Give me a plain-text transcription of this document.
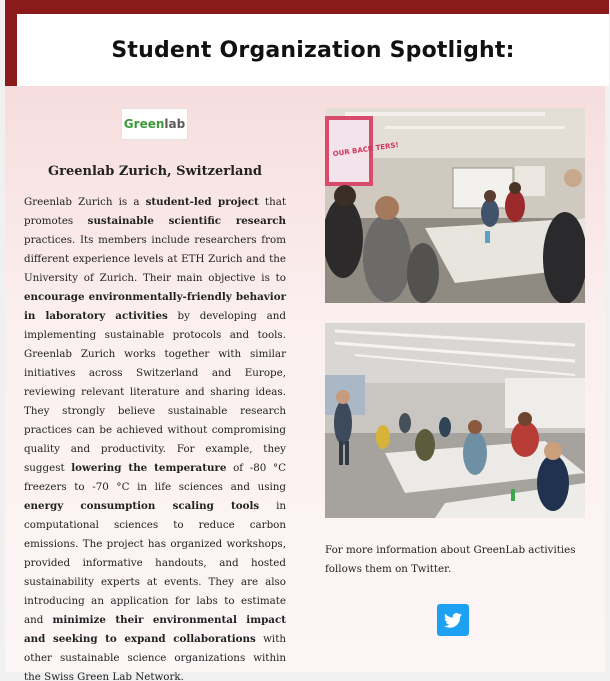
Student Organization Spotlight:
Green lab
Greenlab Zurich, Switzerland
Greenlab Zurich is a student-led project that promotes sustainable scientific research practices. Its members include researchers from different experience levels at ETH Zurich and the University of Zurich. Their main objective is to encourage environmentally-friendly behavior in laboratory activities by developing and implementing sustainable protocols and tools. Greenlab Zurich works together with similar initiatives across Switzerland and Europe, reviewing relevant literature and sharing ideas. They strongly believe sustainable research practices can be achieved without compromising quality and productivity. For example, they suggest lowering the temperature of -80 °C freezers to -70 °C in life sciences and using energy consumption scaling tools in computational sciences to reduce carbon emissions. The project has organized workshops, provided informative handouts, and hosted sustainability experts at events. They are also introducing an application for labs to estimate and minimize their environmental impact and seeking to expand collaborations with other sustainable science organizations within the Swiss Green Lab Network.
OUR BACK TERS!
For more information about GreenLab activities follows them on Twitter.
